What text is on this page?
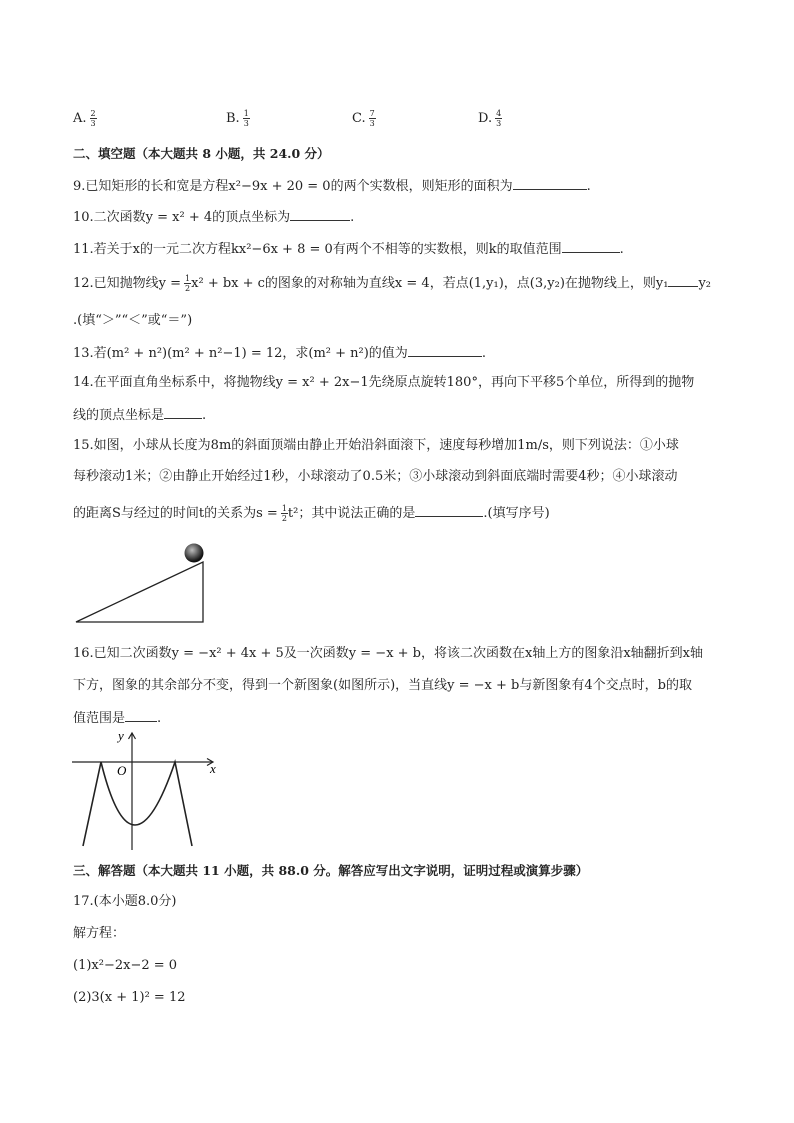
A. $\frac{2}{3}$	B. $\frac{1}{3}$	C. $\frac{7}{3}$	D. $\frac{4}{3}$
二、填空题（本大题共 8 小题，共 24.0 分）
9.已知矩形的长和宽是方程x²−9x + 20 = 0的两个实数根，则矩形的面积为	.
10.二次函数y = x² + 4的顶点坐标为	.
11.若关于x的一元二次方程kx²−6x + 8 = 0有两个不相等的实数根，则k的取值范围	.
12.已知抛物线$y = \frac{1}{2} x^2$ + bx + c的图象的对称轴为直线x = 4，若点(1,y₁)，点(3,y₂)在抛物线上，则y₁ y₂
.(填“＞”“＜”或“＝”)
13.若(m² + n²)(m² + n²−1) = 12，求(m² + n²)的值为	.
14.在平面直角坐标系中，将抛物线y = x² + 2x−1先绕原点旋转180°，再向下平移5个单位，所得到的抛物
线的顶点坐标是	.
15.如图，小球从长度为8m的斜面顶端由静止开始沿斜面滚下，速度每秒增加1m/s，则下列说法：①小球
每秒滚动1米；②由静止开始经过1秒，小球滚动了0.5米；③小球滚动到斜面底端时需要4秒；④小球滚动
的距离S与经过的时间t的关系为$s = \frac{1}{2} t^2$；其中说法正确的是	.(填写序号)
16.已知二次函数y = −x² + 4x + 5及一次函数y = −x + b，将该二次函数在x轴上方的图象沿x轴翻折到x轴
下方，图象的其余部分不变，得到一个新图象(如图所示)，当直线y = −x + b与新图象有4个交点时，b的取
值范围是 .
y
x
O
三、解答题（本大题共 11 小题，共 88.0 分。解答应写出文字说明，证明过程或演算步骤）
17.(本小题8.0分)
解方程：
(1)x²−2x−2 = 0
(2)3(x + 1)² = 12
